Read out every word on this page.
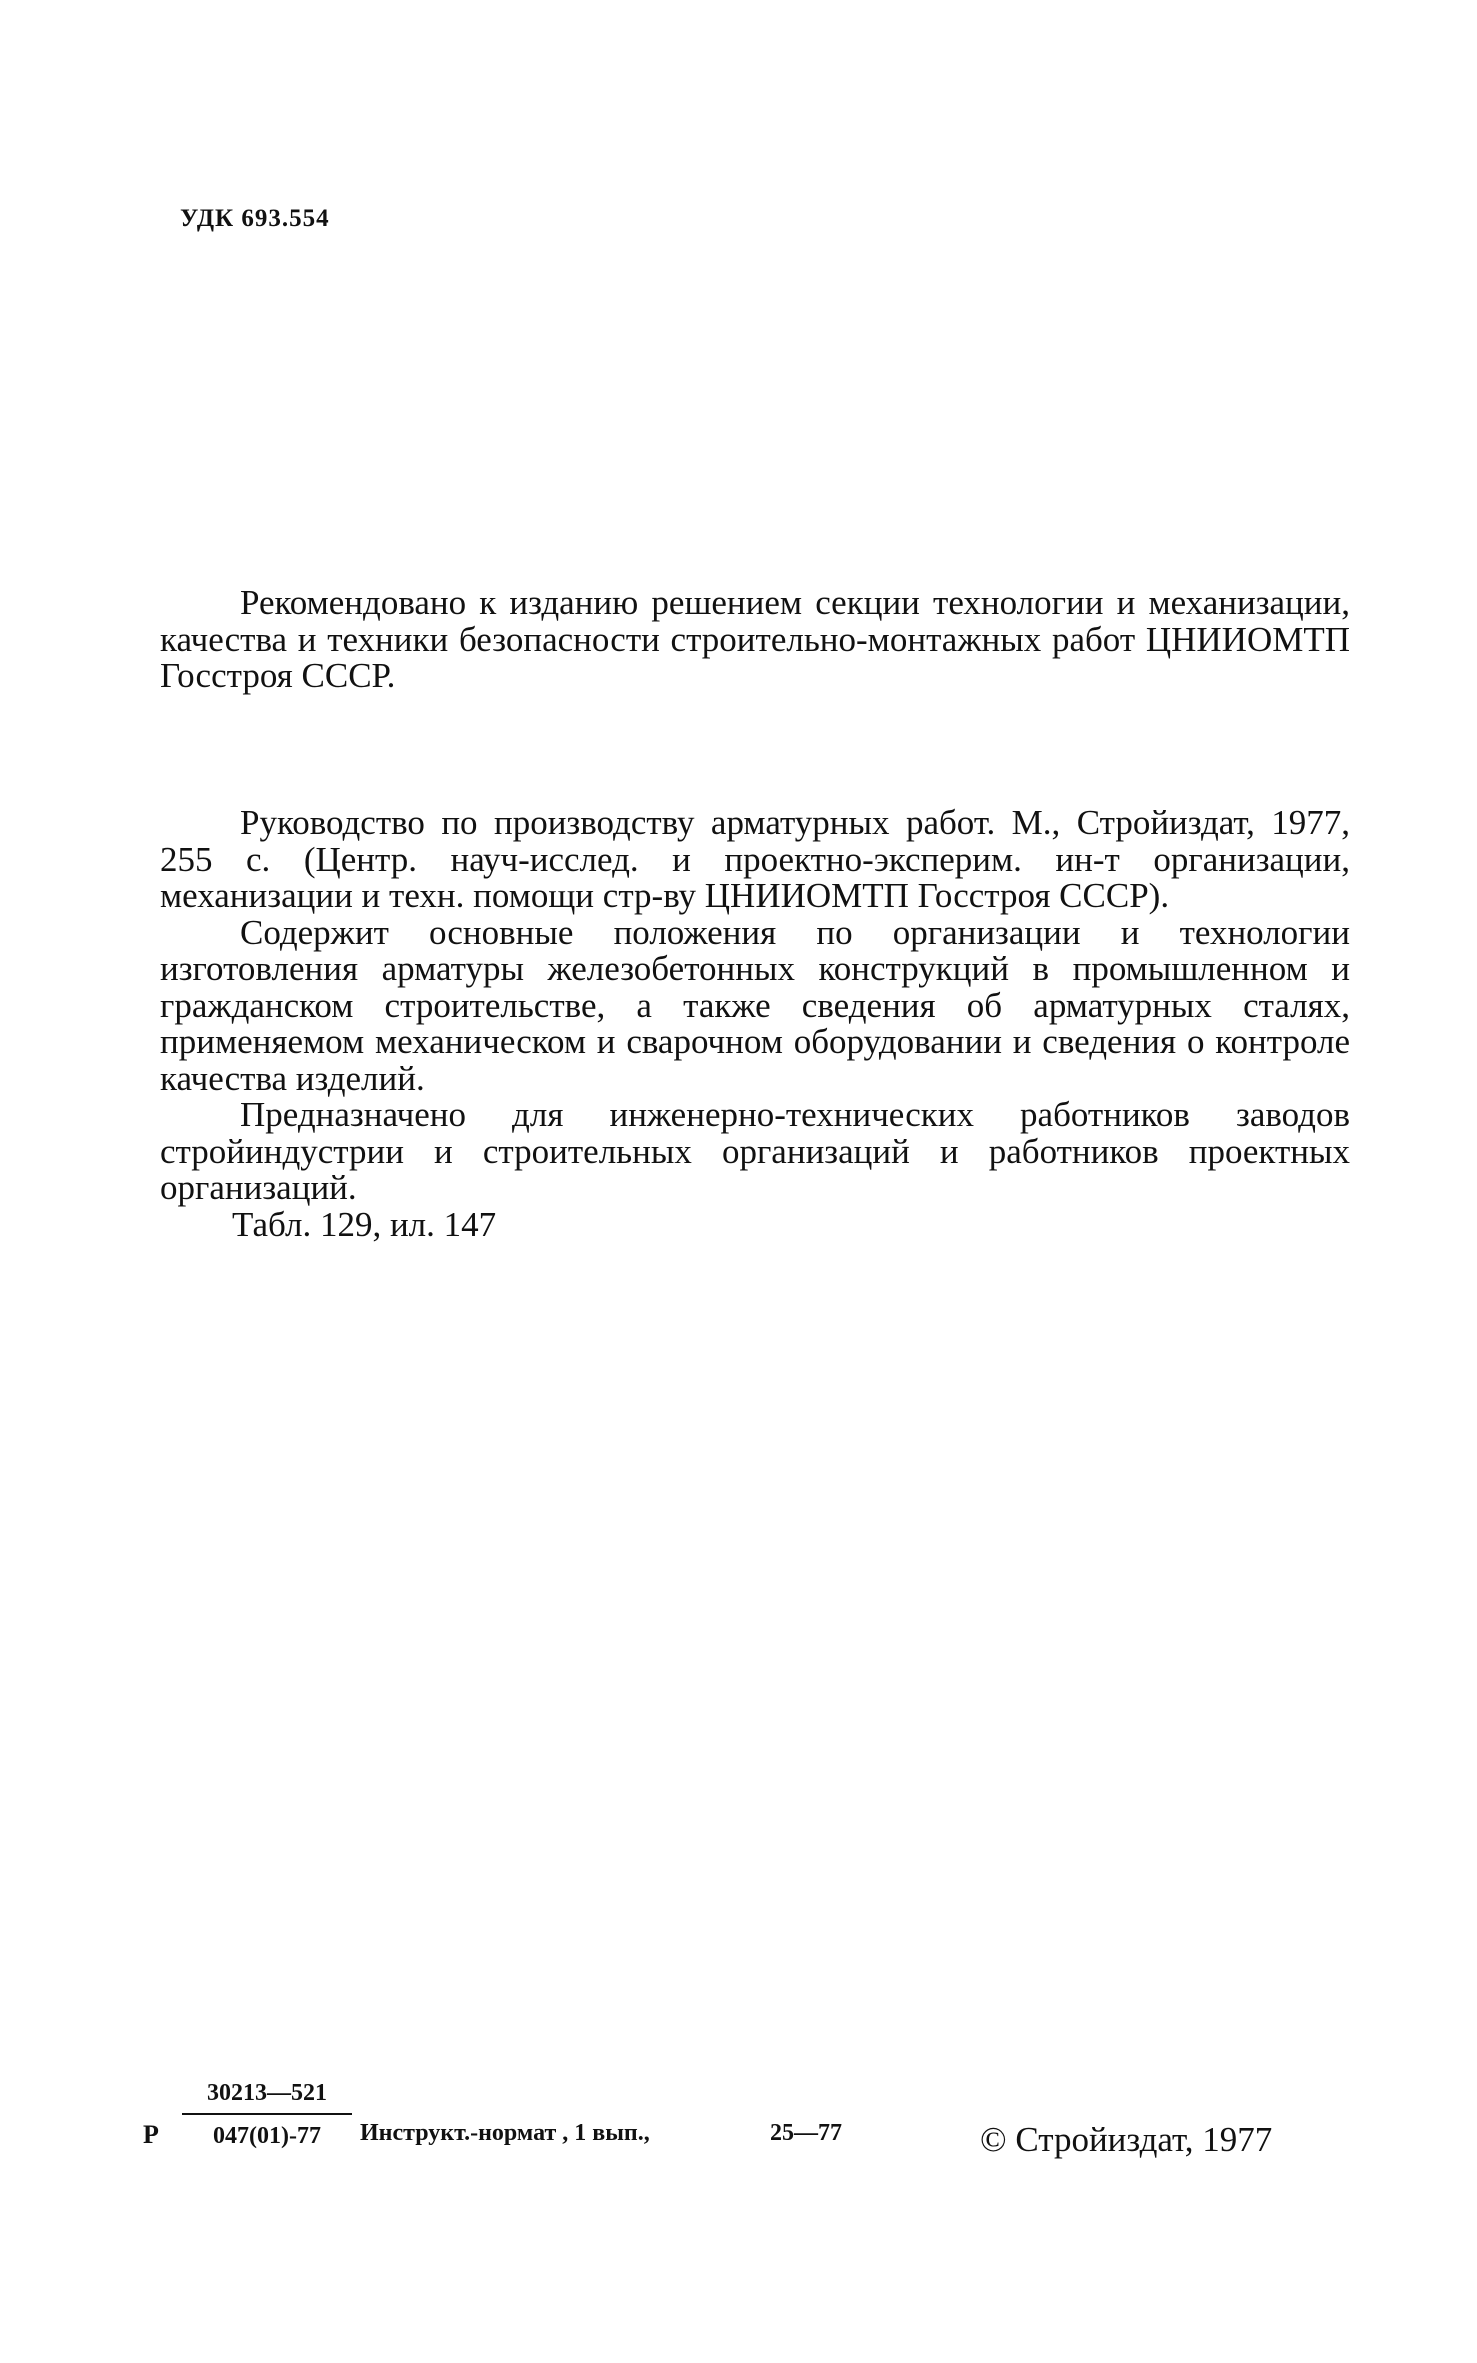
УДК 693.554

Рекомендовано к изданию решением секции технологии и механизации, качества и техники безопасности строительно-монтажных работ ЦНИИОМТП Госстроя СССР.

Руководство по производству арматурных работ. М., Стройиздат, 1977, 255 с. (Центр. науч-исслед. и проектно-эксперим. ин-т организации, механизации и техн. помощи стр-ву ЦНИИОМТП Госстроя СССР).

Содержит основные положения по организации и технологии изготовления арматуры железобетонных конструкций в промышленном и гражданском строительстве, а также сведения об арматурных сталях, применяемом механическом и сварочном оборудовании и сведения о контроле качества изделий.

Предназначено для инженерно-технических работников заводов стройиндустрии и строительных организаций и работников проектных организаций.

Табл. 129, ил. 147

Р $\frac{30213—521}{047(01)-77}$ Инструкт.-нормат , 1 вып.,	25—77	© Стройиздат, 1977
